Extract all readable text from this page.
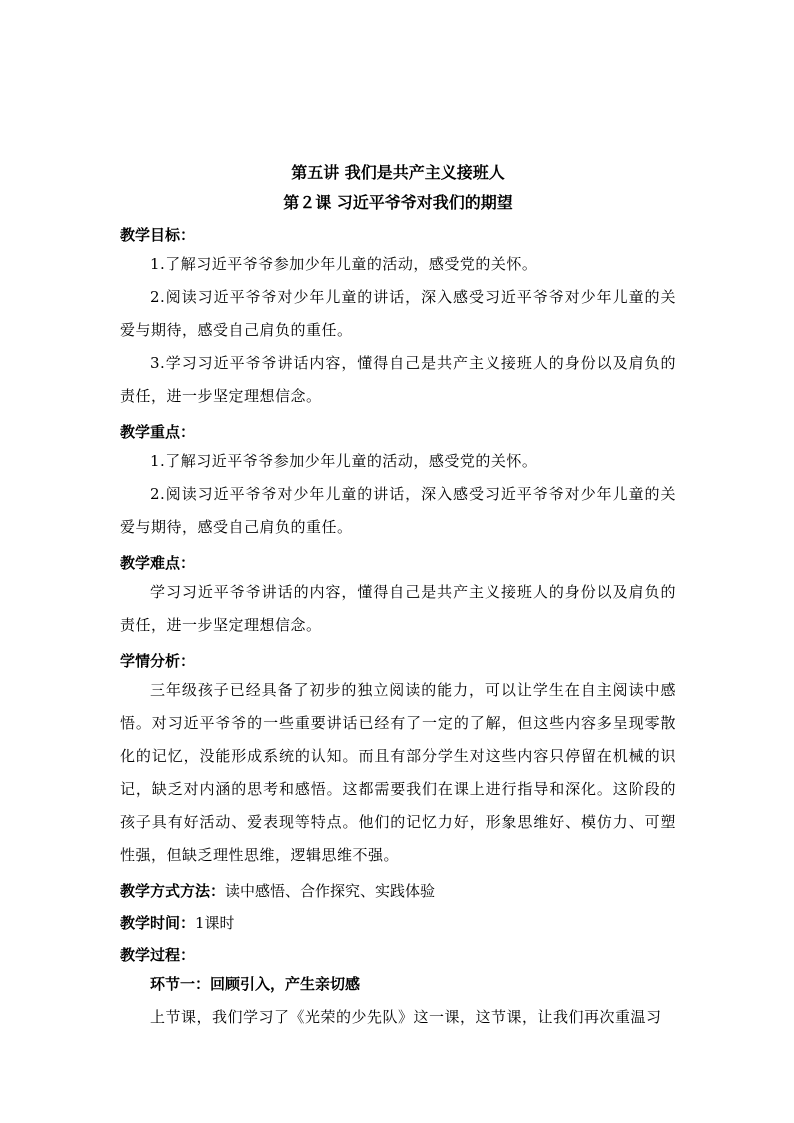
第五讲 我们是共产主义接班人

第２课 习近平爷爷对我们的期望

教学目标：

1.了解习近平爷爷参加少年儿童的活动，感受党的关怀。

2.阅读习近平爷爷对少年儿童的讲话，深入感受习近平爷爷对少年儿童的关爱与期待，感受自己肩负的重任。

3.学习习近平爷爷讲话内容，懂得自己是共产主义接班人的身份以及肩负的责任，进一步坚定理想信念。

教学重点：

1.了解习近平爷爷参加少年儿童的活动，感受党的关怀。

2.阅读习近平爷爷对少年儿童的讲话，深入感受习近平爷爷对少年儿童的关爱与期待，感受自己肩负的重任。

教学难点：

学习习近平爷爷讲话的内容，懂得自己是共产主义接班人的身份以及肩负的责任，进一步坚定理想信念。

学情分析：

三年级孩子已经具备了初步的独立阅读的能力，可以让学生在自主阅读中感悟。对习近平爷爷的一些重要讲话已经有了一定的了解，但这些内容多呈现零散化的记忆，没能形成系统的认知。而且有部分学生对这些内容只停留在机械的识记，缺乏对内涵的思考和感悟。这都需要我们在课上进行指导和深化。这阶段的孩子具有好活动、爱表现等特点。他们的记忆力好，形象思维好、模仿力、可塑性强，但缺乏理性思维，逻辑思维不强。

教学方式方法：读中感悟、合作探究、实践体验

教学时间：1课时

教学过程：

环节一：回顾引入，产生亲切感

上节课，我们学习了《光荣的少先队》这一课，这节课，让我们再次重温习
